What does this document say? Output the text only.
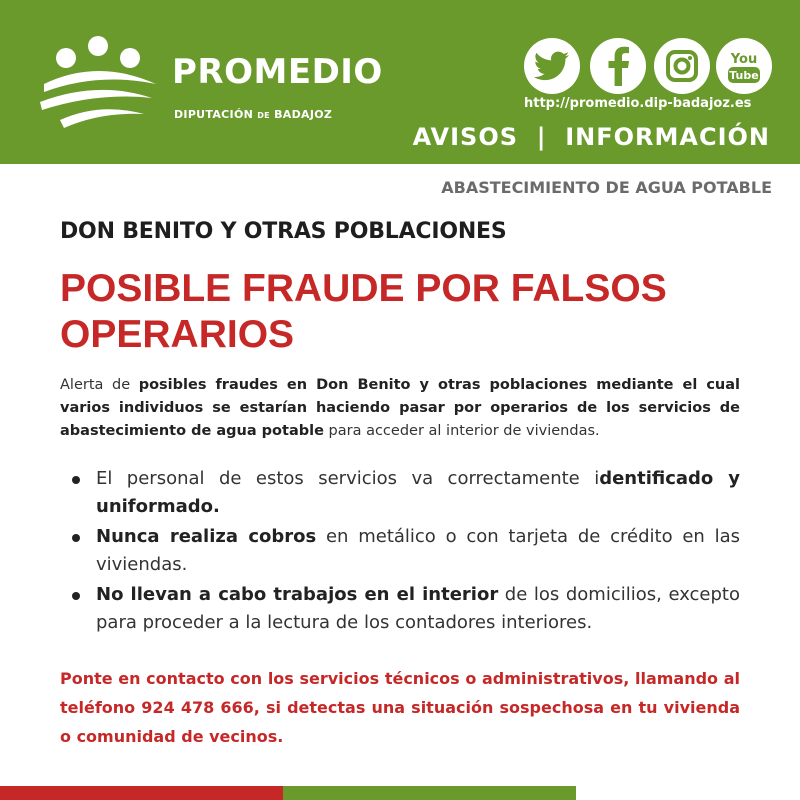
PROMEDIO
DIPUTACIÓN DE BADAJOZ
You
Tube
http://promedio.dip-badajoz.es
AVISOS  |  INFORMACIÓN
ABASTECIMIENTO DE AGUA POTABLE
DON BENITO Y OTRAS POBLACIONES
POSIBLE FRAUDE POR FALSOS
OPERARIOS

Alerta de posibles fraudes en Don Benito y otras poblaciones mediante el cual varios individuos se estarían haciendo pasar por operarios de los servicios de abastecimiento de agua potable para acceder al interior de viviendas.

El personal de estos servicios va correctamente identificado y uniformado.
Nunca realiza cobros en metálico o con tarjeta de crédito en las viviendas.
No llevan a cabo trabajos en el interior de los domicilios, excepto para proceder a la lectura de los contadores interiores.

Ponte en contacto con los servicios técnicos o administrativos, llamando al teléfono 924 478 666, si detectas una situación sospechosa en tu vivienda o comunidad de vecinos.
